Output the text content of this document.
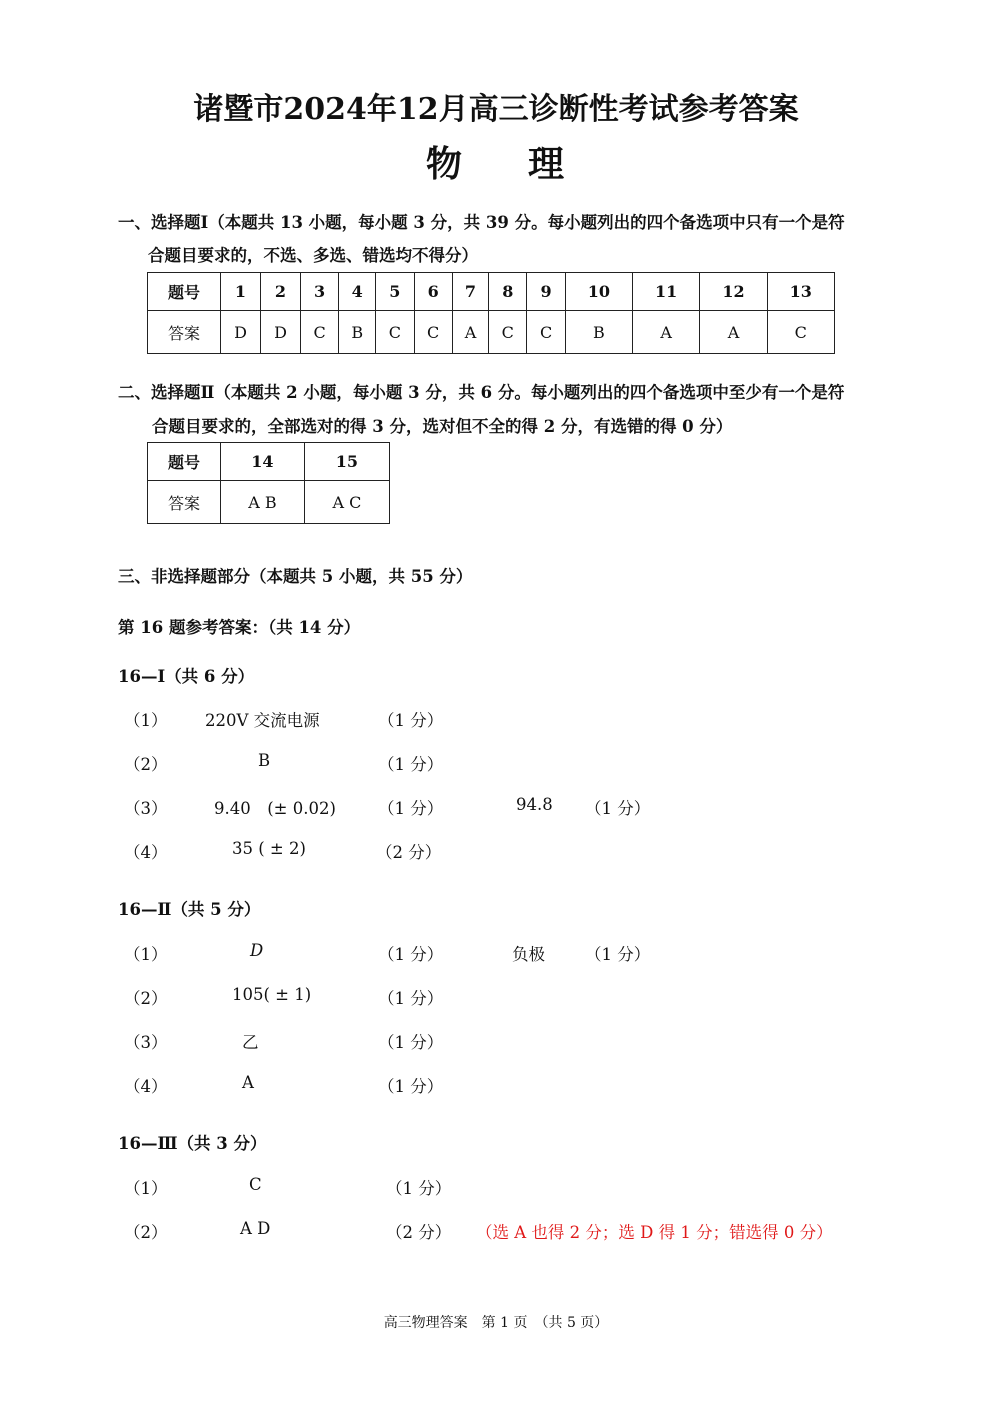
诸暨市2024年12月高三诊断性考试参考答案
物 理
一、选择题Ⅰ（本题共 13 小题，每小题 3 分，共 39 分。每小题列出的四个备选项中只有一个是符
合题目要求的，不选、多选、错选均不得分）
题号	1	2	3	4	5	6	7	8	9	10	11	12	13
答案	D	D	C	B	C	C	A	C	C	B	A	A	C
二、选择题Ⅱ（本题共 2 小题，每小题 3 分，共 6 分。每小题列出的四个备选项中至少有一个是符
合题目要求的，全部选对的得 3 分，选对但不全的得 2 分，有选错的得 0 分）
题号	14	15
答案	A B	A C
三、非选择题部分（本题共 5 小题，共 55 分）
第 16 题参考答案：（共 14 分）
16—Ⅰ（共 6 分）
（1） 220V 交流电源	（1 分）
（2）	B	（1 分）
（3）	9.40　(± 0.02)	（1 分）	94.8 （1 分）
（4）	35 ( ± 2)	（2 分）
16—Ⅱ（共 5 分）
（1）	D	（1 分）	负极 （1 分）
（2）	105( ± 1)	（1 分）
（3）	乙	（1 分）
（4）	A	（1 分）
16—Ⅲ（共 3 分）
（1）	C	（1 分）
（2）	A D	（2 分） （选 A 也得 2 分；选 D 得 1 分；错选得 0 分）
高三物理答案　第 1 页　（共 5 页）
